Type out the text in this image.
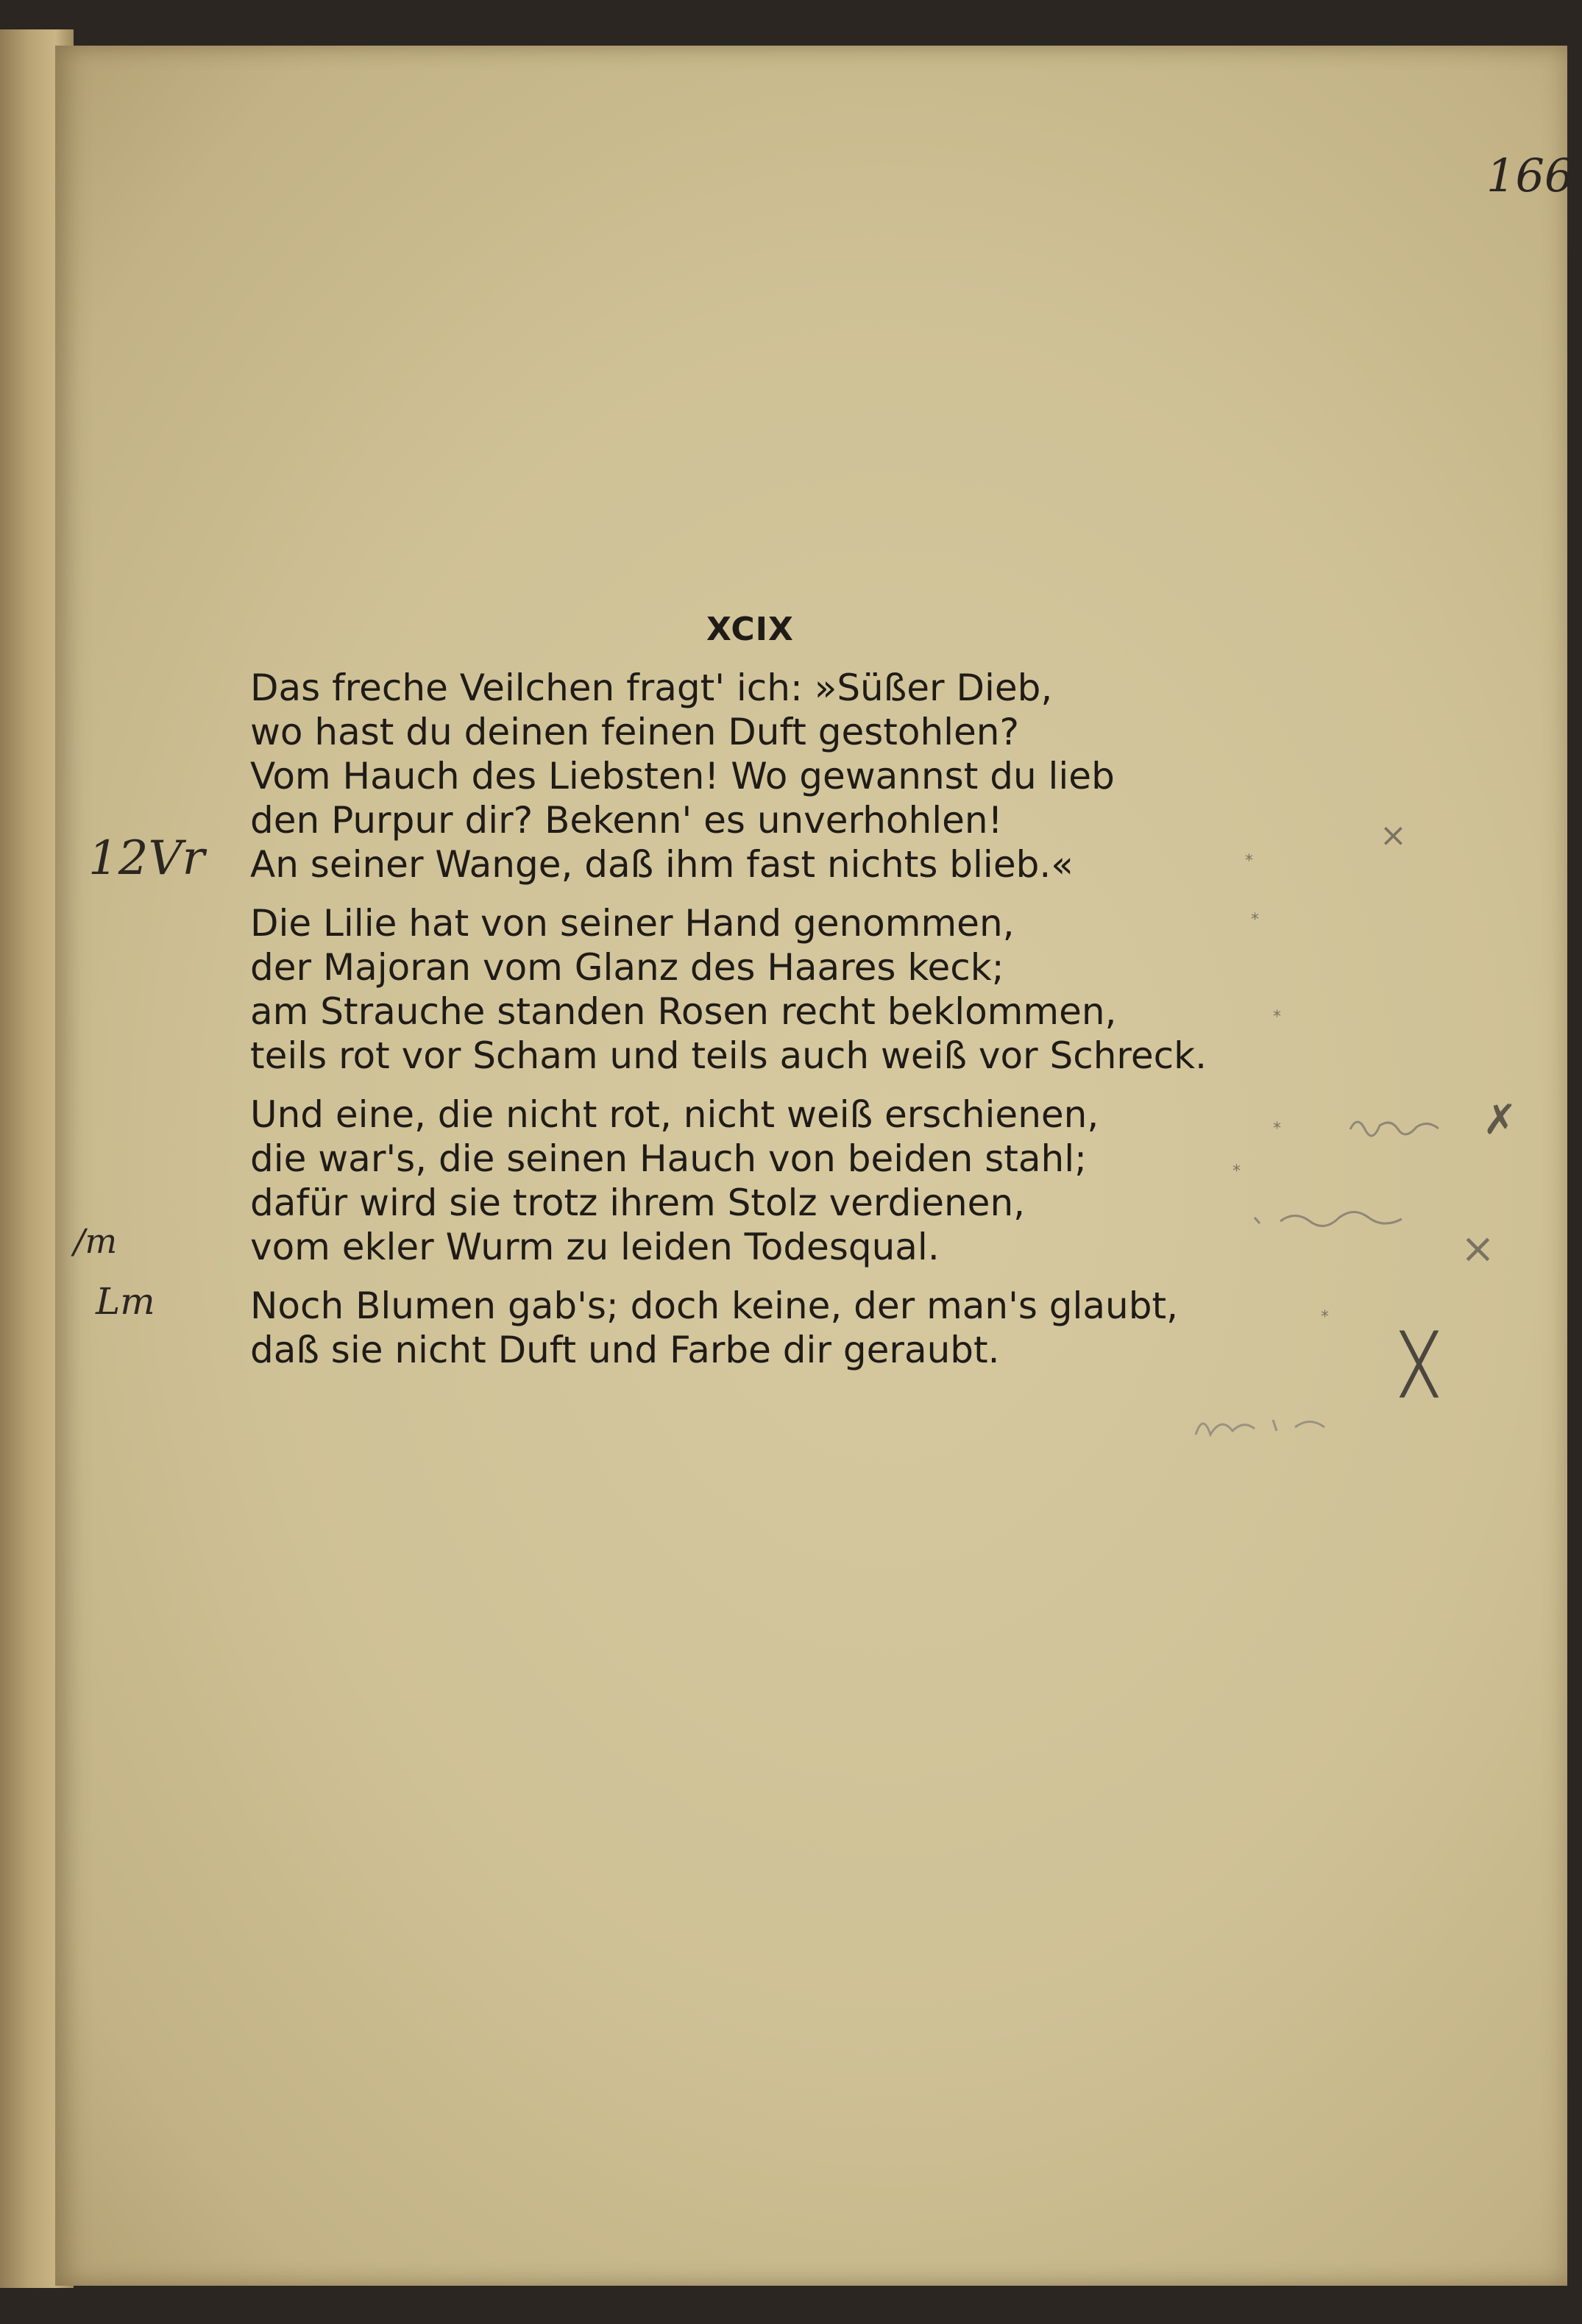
166
XCIX
Das freche Veilchen fragt' ich: »Süßer Dieb,
wo hast du deinen feinen Duft gestohlen?
Vom Hauch des Liebsten! Wo gewannst du lieb
den Purpur dir? Bekenn' es unverhohlen!
An seiner Wange, daß ihm fast nichts blieb.«
Die Lilie hat von seiner Hand genommen,
der Majoran vom Glanz des Haares keck;
am Strauche standen Rosen recht beklommen,
teils rot vor Scham und teils auch weiß vor Schreck.
Und eine, die nicht rot, nicht weiß erschienen,
die war's, die seinen Hauch von beiden stahl;
dafür wird sie trotz ihrem Stolz verdienen,
vom ekler Wurm zu leiden Todesqual.
Noch Blumen gab's; doch keine, der man's glaubt,
daß sie nicht Duft und Farbe dir geraubt.
12Vr
/m
Lm
×
✗
×
╳
*
*
*
*
*
*
